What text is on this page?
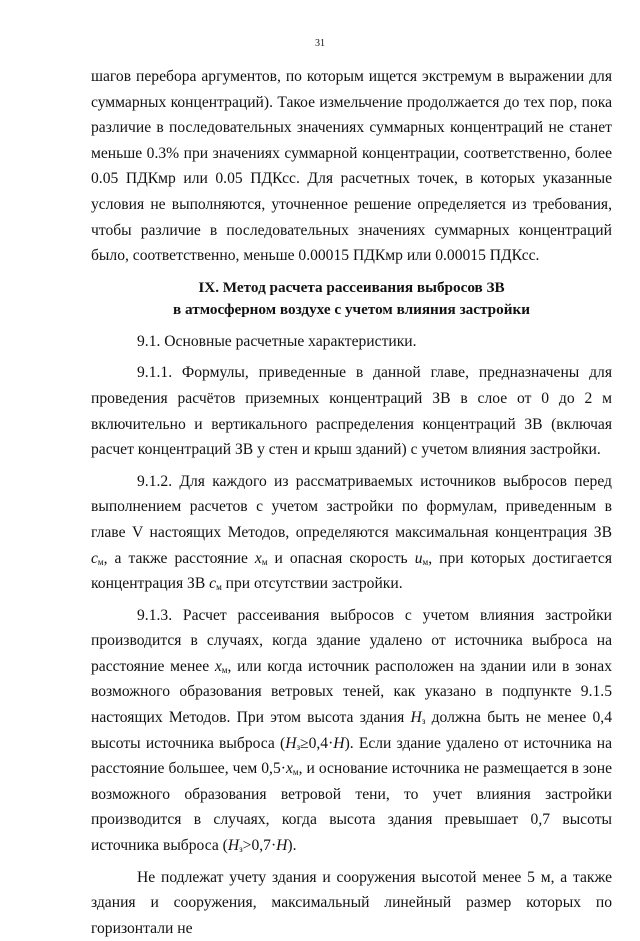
31

шагов перебора аргументов, по которым ищется экстремум в выражении для суммарных концентраций). Такое измельчение продолжается до тех пор, пока различие в последовательных значениях суммарных концентраций не станет меньше 0.3% при значениях суммарной концентрации, соответственно, более 0.05 ПДКмр или 0.05 ПДКсс. Для расчетных точек, в которых указанные условия не выполняются, уточненное решение определяется из требования, чтобы различие в последовательных значениях суммарных концентраций было, соответственно, меньше 0.00015 ПДКмр или 0.00015 ПДКсс.

IX. Метод расчета рассеивания выбросов ЗВ
в атмосферном воздухе с учетом влияния застройки

9.1. Основные расчетные характеристики.

9.1.1. Формулы, приведенные в данной главе, предназначены для проведения расчётов приземных концентраций ЗВ в слое от 0 до 2 м включительно и вертикального распределения концентраций ЗВ (включая расчет концентраций ЗВ у стен и крыш зданий) с учетом влияния застройки.

9.1.2. Для каждого из рассматриваемых источников выбросов перед выполнением расчетов с учетом застройки по формулам, приведенным в главе V настоящих Методов, определяются максимальная концентрация ЗВ $c_м$, а также расстояние $x_м$ и опасная скорость $u_м$, при которых достигается концентрация ЗВ $c_м$ при отсутствии застройки.

9.1.3. Расчет рассеивания выбросов с учетом влияния застройки производится в случаях, когда здание удалено от источника выброса на расстояние менее $x_м$, или когда источник расположен на здании или в зонах возможного образования ветровых теней, как указано в подпункте 9.1.5 настоящих Методов. При этом высота здания $H_з$ должна быть не менее 0,4 высоты источника выброса $(H_з\ge 0,4\cdot H)$. Если здание удалено от источника на расстояние большее, чем $0,5\cdot x_м$, и основание источника не размещается в зоне возможного образования ветровой тени, то учет влияния застройки производится в случаях, когда высота здания превышает 0,7 высоты источника выброса $(H_з>0,7\cdot H)$.

Не подлежат учету здания и сооружения высотой менее 5 м, а также здания и сооружения, максимальный линейный размер которых по горизонтали не
